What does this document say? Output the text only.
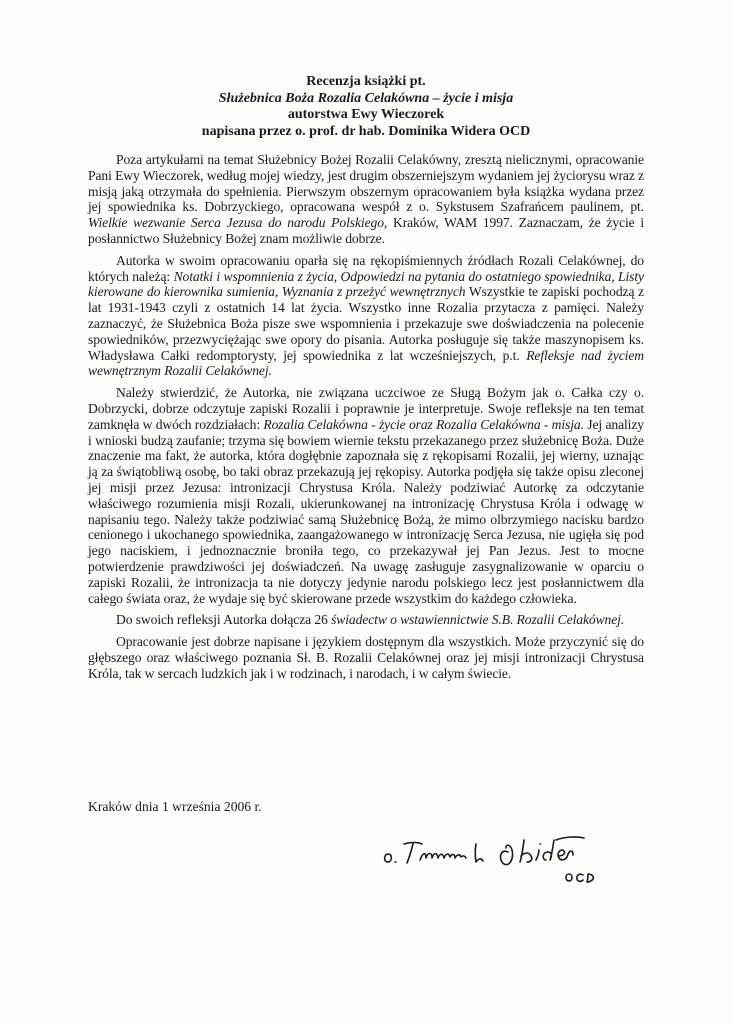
Recenzja książki pt.
Służebnica Boża Rozalia Celakówna – życie i misja
autorstwa Ewy Wieczorek
napisana przez o. prof. dr hab. Dominika Widera OCD

Poza artykułami na temat Służebnicy Bożej Rozalii Celakówny, zresztą nielicznymi, opracowanie Pani Ewy Wieczorek, według mojej wiedzy, jest drugim obszerniejszym wydaniem jej życiorysu wraz z misją jaką otrzymała do spełnienia. Pierwszym obszernym opracowaniem była książka wydana przez jej spowiednika ks. Dobrzyckiego, opracowana wespół z o. Sykstusem Szafrańcem paulinem, pt. Wielkie wezwanie Serca Jezusa do narodu Polskiego, Kraków, WAM 1997. Zaznaczam, że życie i posłannictwo Służebnicy Bożej znam możliwie dobrze.

Autorka w swoim opracowaniu oparła się na rękopiśmiennych źródłach Rozali Celakównej, do których należą: Notatki i wspomnienia z życia, Odpowiedzi na pytania do ostatniego spowiednika, Listy kierowane do kierownika sumienia, Wyznania z przeżyć wewnętrznych Wszystkie te zapiski pochodzą z lat 1931-1943 czyli z ostatnich 14 lat życia. Wszystko inne Rozalia przytacza z pamięci. Należy zaznaczyć, że Służebnica Boża pisze swe wspomnienia i przekazuje swe doświadczenia na polecenie spowiedników, przezwyciężając swe opory do pisania. Autorka posługuje się także maszynopisem ks. Władysława Całki redomptorysty, jej spowiednika z lat wcześniejszych, p.t. Refleksje nad życiem wewnętrznym Rozalii Celakównej.

Należy stwierdzić, że Autorka, nie związana uczciwoe ze Sługą Bożym jak o. Całka czy o. Dobrzycki, dobrze odczytuje zapiski Rozalii i poprawnie je interpretuje. Swoje refleksje na ten temat zamknęła w dwóch rozdziałach: Rozalia Celakówna - życie oraz Rozalia Celakówna - misja. Jej analizy i wnioski budzą zaufanie; trzyma się bowiem wiernie tekstu przekazanego przez służebnicę Boża. Duże znaczenie ma fakt, że autorka, która dogłębnie zapoznała się z rękopisami Rozalii, jej wierny, uznając ją za świątobliwą osobę, bo taki obraz przekazują jej rękopisy. Autorka podjęła się także opisu zleconej jej misji przez Jezusa: intronizacji Chrystusa Króla. Należy podziwiać Autorkę za odczytanie właściwego rozumienia misji Rozali, ukierunkowanej na intronizację Chrystusa Króla i odwagę w napisaniu tego. Należy także podziwiać samą Służebnicę Bożą, że mimo olbrzymiego nacisku bardzo cenionego i ukochanego spowiednika, zaangażowanego w intronizację Serca Jezusa, nie ugięła się pod jego naciskiem, i jednoznacznie broniła tego, co przekazywał jej Pan Jezus. Jest to mocne potwierdzenie prawdziwości jej doświadczeń. Na uwagę zasługuje zasygnalizowanie w oparciu o zapiski Rozalii, że intronizacja ta nie dotyczy jedynie narodu polskiego lecz jest posłannictwem dla całego świata oraz, że wydaje się być skierowane przede wszystkim do każdego człowieka.

Do swoich refleksji Autorka dołącza 26 świadectw o wstawiennictwie S.B. Rozalii Celakównej.

Opracowanie jest dobrze napisane i językiem dostępnym dla wszystkich. Może przyczynić się do głębszego oraz właściwego poznania Sł. B. Rozalii Celakównej oraz jej misji intronizacji Chrystusa Króla, tak w sercach ludzkich jak i w rodzinach, i narodach, i w całym świecie.

Kraków dnia 1 września 2006 r.
